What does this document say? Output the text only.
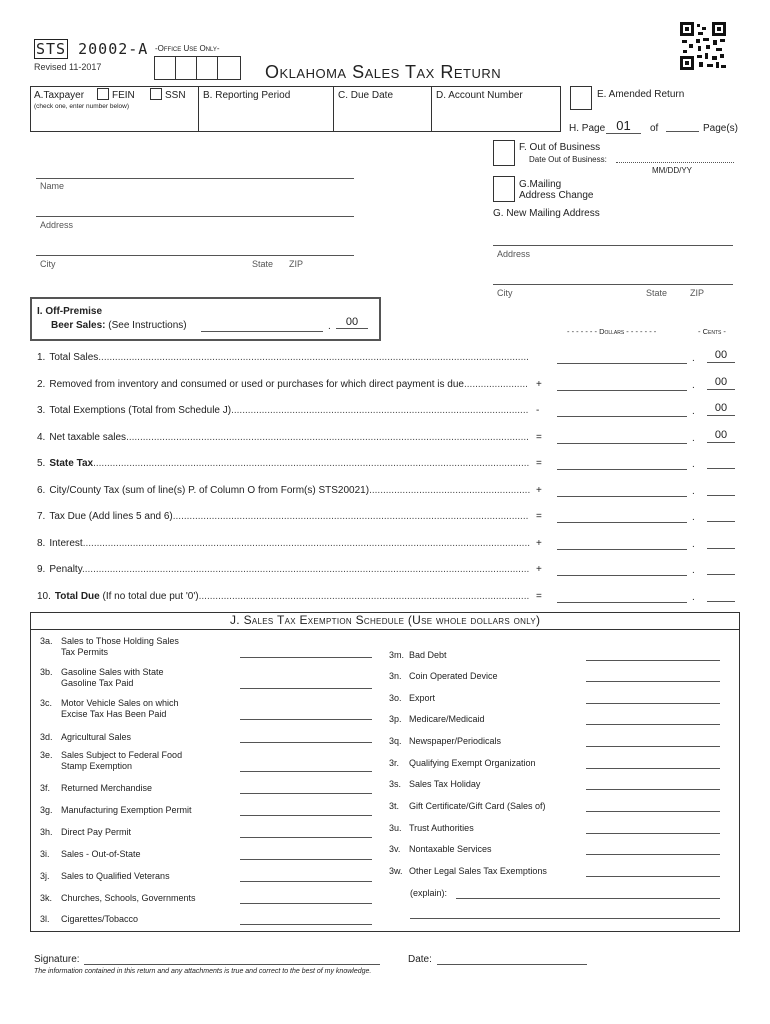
STS 20002-A
Revised 11-2017
-Office Use Only-
Oklahoma Sales Tax Return
A.Taxpayer	FEIN	SSN
(check one, enter number below)
B. Reporting Period	C. Due Date	D. Account Number	E. Amended Return
H. Page 01	of	Page(s)
F. Out of Business
Date Out of Business:
MM/DD/YY
G.Mailing
Address Change
G. New Mailing Address
Address
City	State	ZIP
Name
Address
City	State ZIP
I. Off-Premise
Beer Sales: (See Instructions)	.	00
- - - - - - - Dollars - - - - - - -	- Cents -
1. Total Sales...........................................................................................................................................................	.	00
2. Removed from inventory and consumed or used or purchases for which direct payment is due....................... +	.	00
3. Total Exemptions (Total from Schedule J)........................................................................................................... -	.	00
4. Net taxable sales................................................................................................................................................. =	.	00
5. State Tax............................................................................................................................................................. =	.
6. City/County Tax (sum of line(s) P. of Column O from Form(s) STS20021).......................................................... +	.
7. Tax Due (Add lines 5 and 6)................................................................................................................................ =	.
8. Interest................................................................................................................................................................. +	.
9. Penalty................................................................................................................................................................. +	.
10. Total Due (If no total due put '0')....................................................................................................................... =	.
J. Sales Tax Exemption Schedule (Use whole dollars only)
3a. Sales to Those Holding Sales
Tax Permits
3b. Gasoline Sales with State
Gasoline Tax Paid
3c. Motor Vehicle Sales on which
Excise Tax Has Been Paid
3d. Agricultural Sales
3e. Sales Subject to Federal Food
Stamp Exemption
3f. Returned Merchandise
3g. Manufacturing Exemption Permit
3h. Direct Pay Permit
3i. Sales - Out-of-State
3j. Sales to Qualified Veterans
3k. Churches, Schools, Governments
3l. Cigarettes/Tobacco
3m. Bad Debt
3n. Coin Operated Device
3o. Export
3p. Medicare/Medicaid
3q. Newspaper/Periodicals
3r. Qualifying Exempt Organization
3s. Sales Tax Holiday
3t. Gift Certificate/Gift Card (Sales of)
3u. Trust Authorities
3v. Nontaxable Services
3w. Other Legal Sales Tax Exemptions
(explain):
Signature:	Date:
The information contained in this return and any attachments is true and correct to the best of my knowledge.
